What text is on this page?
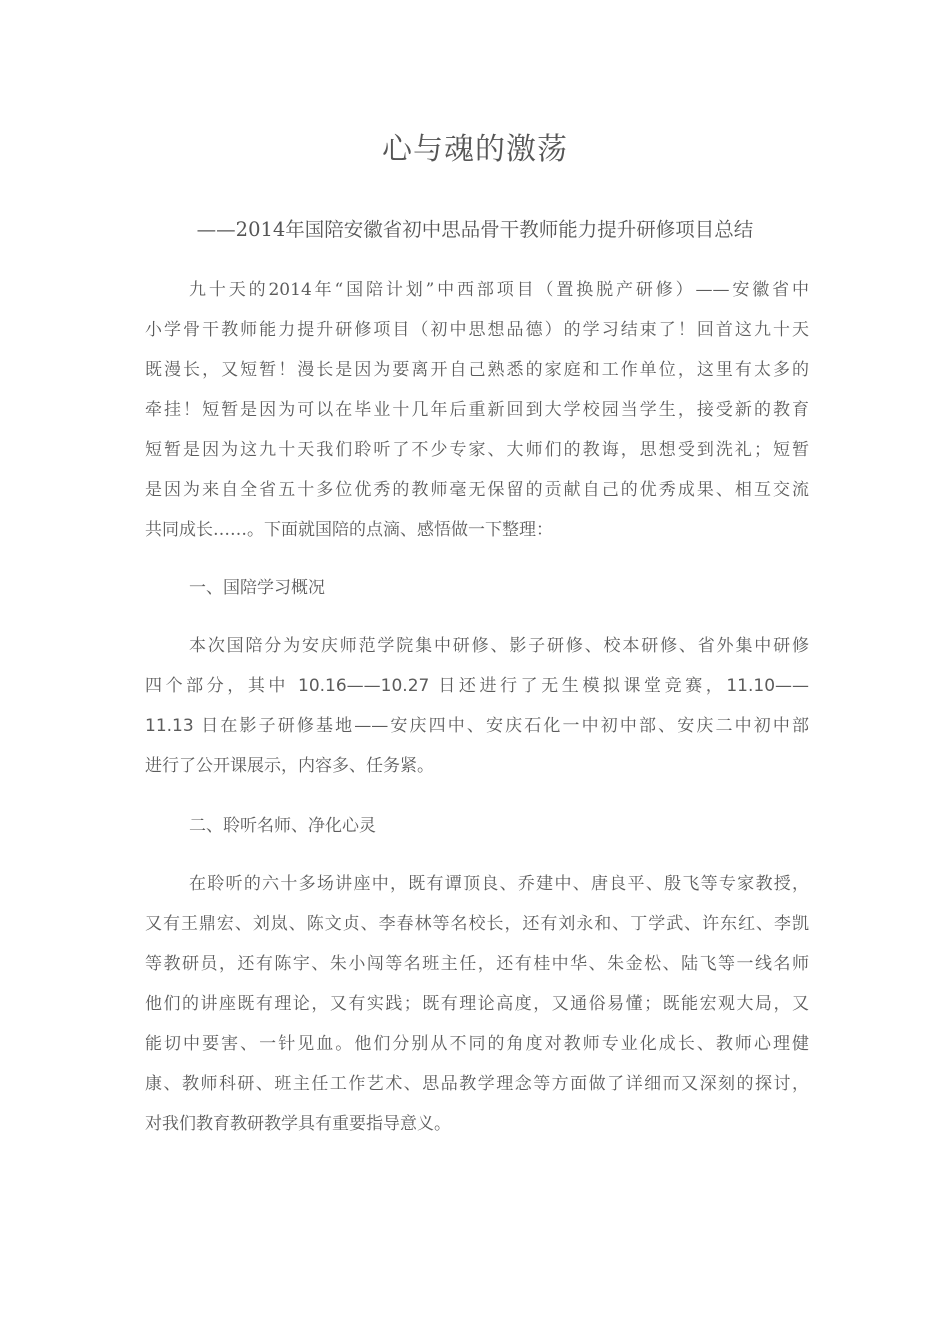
心与魂的激荡
——2014年国陪安徽省初中思品骨干教师能力提升研修项目总结
九十天的2014年“国陪计划”中西部项目（置换脱产研修）——安徽省中
小学骨干教师能力提升研修项目（初中思想品德）的学习结束了！回首这九十天
既漫长，又短暂！漫长是因为要离开自己熟悉的家庭和工作单位，这里有太多的
牵挂！短暂是因为可以在毕业十几年后重新回到大学校园当学生，接受新的教育
短暂是因为这九十天我们聆听了不少专家、大师们的教诲，思想受到洗礼；短暂
是因为来自全省五十多位优秀的教师毫无保留的贡献自己的优秀成果、相互交流
共同成长……。下面就国陪的点滴、感悟做一下整理：
一、国陪学习概况
本次国陪分为安庆师范学院集中研修、影子研修、校本研修、省外集中研修
四个部分，其中 10.16——10.27 日还进行了无生模拟课堂竞赛，11.10——
11.13 日在影子研修基地——安庆四中、安庆石化一中初中部、安庆二中初中部
进行了公开课展示，内容多、任务紧。
二、聆听名师、净化心灵
在聆听的六十多场讲座中，既有谭顶良、乔建中、唐良平、殷飞等专家教授，
又有王鼎宏、刘岚、陈文贞、李春林等名校长，还有刘永和、丁学武、许东红、李凯
等教研员，还有陈宇、朱小闯等名班主任，还有桂中华、朱金松、陆飞等一线名师
他们的讲座既有理论，又有实践；既有理论高度，又通俗易懂；既能宏观大局，又
能切中要害、一针见血。他们分别从不同的角度对教师专业化成长、教师心理健
康、教师科研、班主任工作艺术、思品教学理念等方面做了详细而又深刻的探讨，
对我们教育教研教学具有重要指导意义。
